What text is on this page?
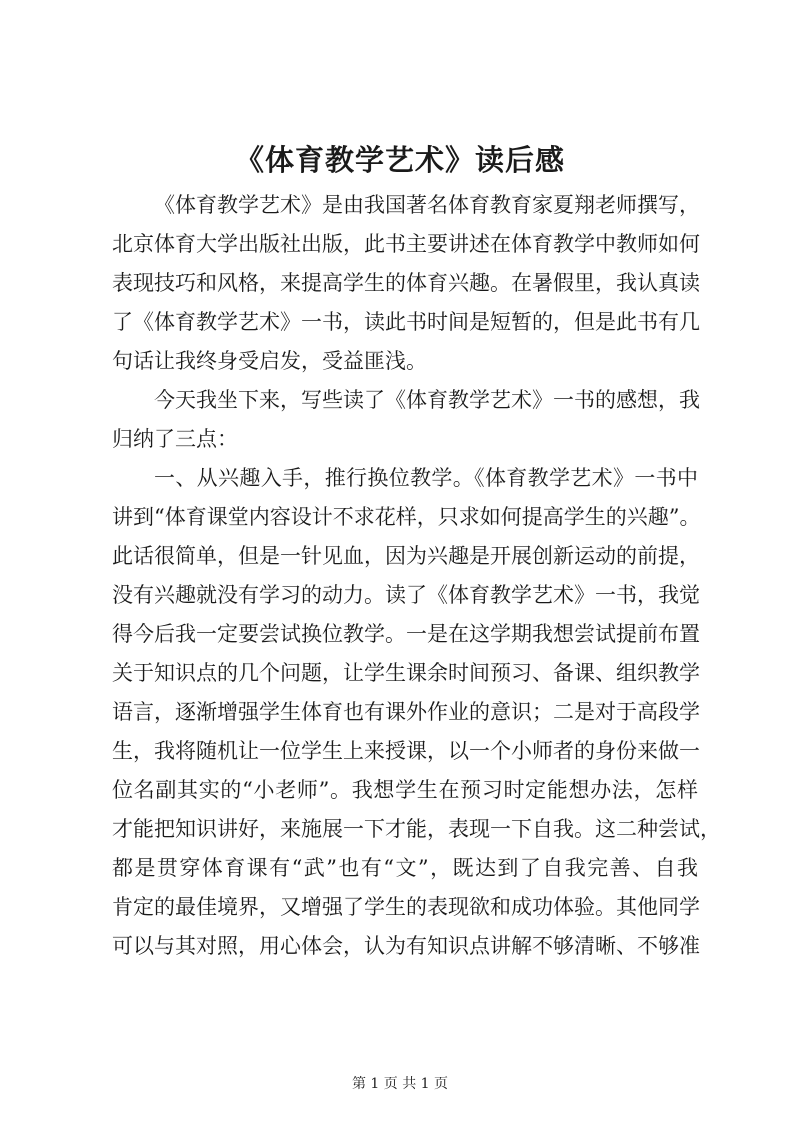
《体育教学艺术》读后感

《体育教学艺术》是由我国著名体育教育家夏翔老师撰写，

北京体育大学出版社出版，此书主要讲述在体育教学中教师如何

表现技巧和风格，来提高学生的体育兴趣。在暑假里，我认真读

了《体育教学艺术》一书，读此书时间是短暂的，但是此书有几

句话让我终身受启发，受益匪浅。

今天我坐下来，写些读了《体育教学艺术》一书的感想，我

归纳了三点：

一、从兴趣入手，推行换位教学。《体育教学艺术》一书中

讲到“体育课堂内容设计不求花样，只求如何提高学生的兴趣”。

此话很简单，但是一针见血，因为兴趣是开展创新运动的前提，

没有兴趣就没有学习的动力。读了《体育教学艺术》一书，我觉

得今后我一定要尝试换位教学。一是在这学期我想尝试提前布置

关于知识点的几个问题，让学生课余时间预习、备课、组织教学

语言，逐渐增强学生体育也有课外作业的意识；二是对于高段学

生，我将随机让一位学生上来授课，以一个小师者的身份来做一

位名副其实的“小老师”。我想学生在预习时定能想办法，怎样

才能把知识讲好，来施展一下才能，表现一下自我。这二种尝试，

都是贯穿体育课有“武”也有“文”，既达到了自我完善、自我

肯定的最佳境界，又增强了学生的表现欲和成功体验。其他同学

可以与其对照，用心体会，认为有知识点讲解不够清晰、不够准

第 1 页 共 1 页
